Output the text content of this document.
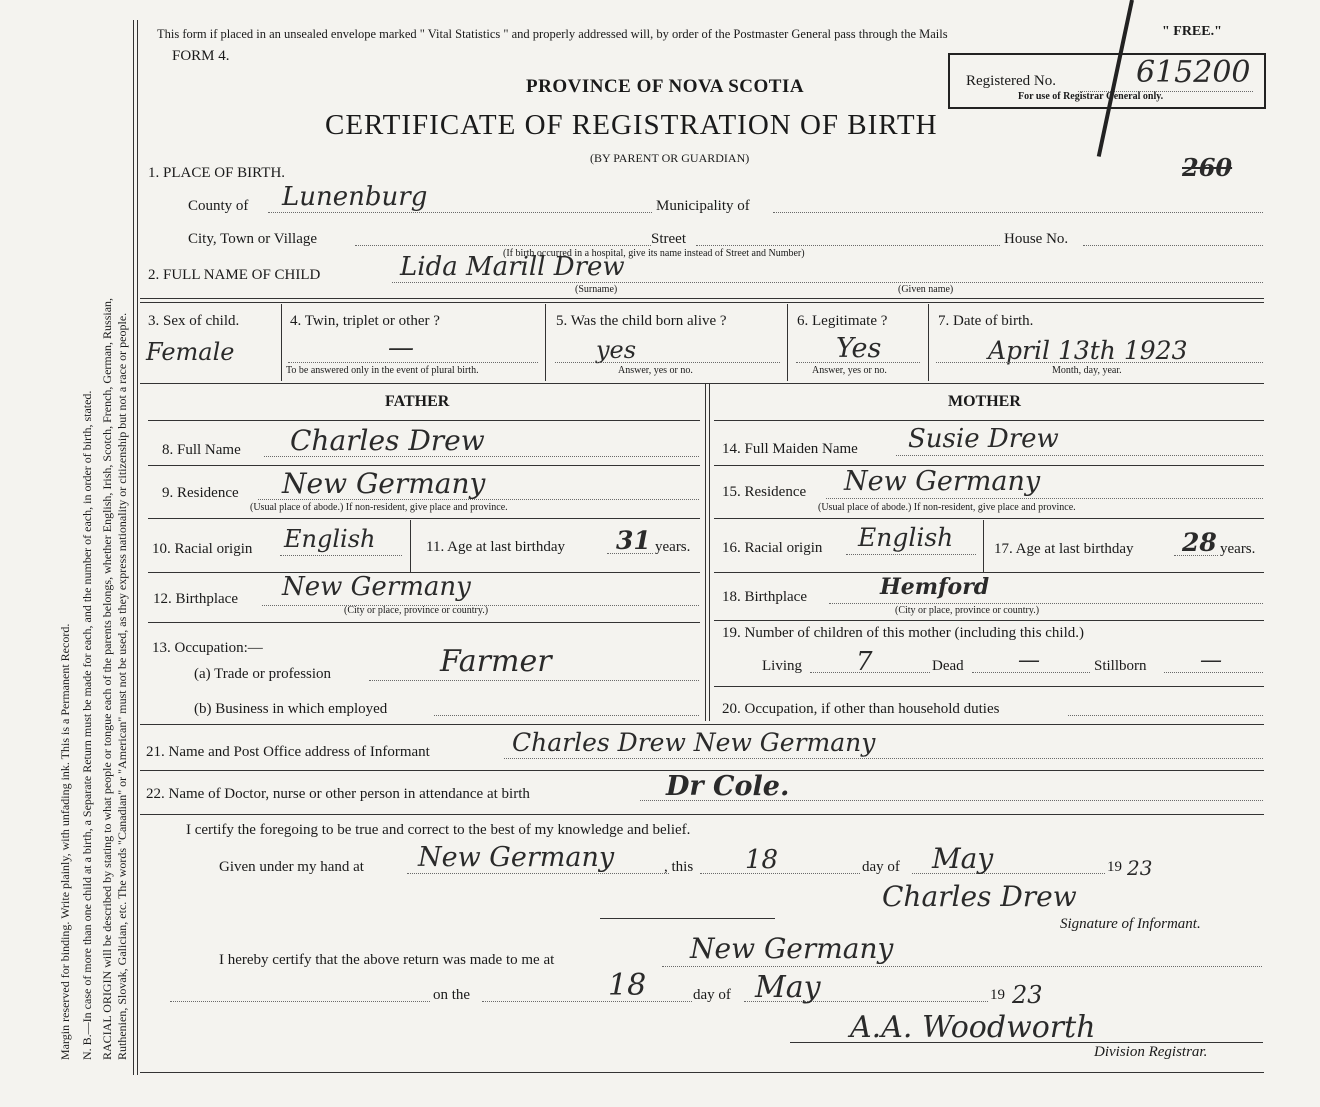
Margin reserved for binding. Write plainly, with unfading ink. This is a Permanent Record. N. B.—In case of more than one child at a birth, a Separate Return must be made for each, and the number of each, in order of birth, stated. RACIAL ORIGIN will be described by stating to what people or tongue each of the parents belongs, whether English, Irish, Scotch, French, German, Russian, Ruthenien, Slovak, Galician, etc. The words "Canadian" or "American" must not be used, as they express nationality or citizenship but not a race or people.
This form if placed in an unsealed envelope marked " Vital Statistics " and properly addressed will, by order of the Postmaster General pass through the Mails	" FREE."
FORM 4.
PROVINCE OF NOVA SCOTIA
CERTIFICATE OF REGISTRATION OF BIRTH
(BY PARENT OR GUARDIAN)
Registered No.	615200
For use of Registrar General only.
260
1. PLACE OF BIRTH.
County of Lunenburg	Municipality of
City, Town or Village	Street	House No.
(If birth occurred in a hospital, give its name instead of Street and Number)
2. FULL NAME OF CHILD	Lida Marill Drew
(Surname)	(Given name)
3. Sex of child.
Female
4. Twin, triplet or other ?
—
To be answered only in the event of plural birth.
5. Was the child born alive ?
yes
Answer, yes or no.
6. Legitimate ?
Yes
Answer, yes or no.
7. Date of birth.
April 13th 1923
Month, day, year.
FATHER	MOTHER
8. Full Name Charles Drew
9. Residence New Germany
(Usual place of abode.) If non-resident, give place and province.
10. Racial origin English	11. Age at last birthday 31 years.
12. Birthplace New Germany
(City or place, province or country.)
13. Occupation:—
(a) Trade or profession	Farmer
(b) Business in which employed
14. Full Maiden Name Susie Drew
15. Residence New Germany
(Usual place of abode.) If non-resident, give place and province.
16. Racial origin English	17. Age at last birthday 28 years.
18. Birthplace	Hemford
(City or place, province or country.)
19. Number of children of this mother (including this child.)
Living 7	Dead —	Stillborn —
20. Occupation, if other than household duties
21. Name and Post Office address of Informant	Charles Drew New Germany
22. Name of Doctor, nurse or other person in attendance at birth	Dr Cole.
I certify the foregoing to be true and correct to the best of my knowledge and belief.
Given under my hand at New Germany	, this 18	day of May	19 23
Charles Drew
Signature of Informant.
I hereby certify that the above return was made to me at	New Germany
on the	18	day of May	19 23
A.A. Woodworth
Division Registrar.
